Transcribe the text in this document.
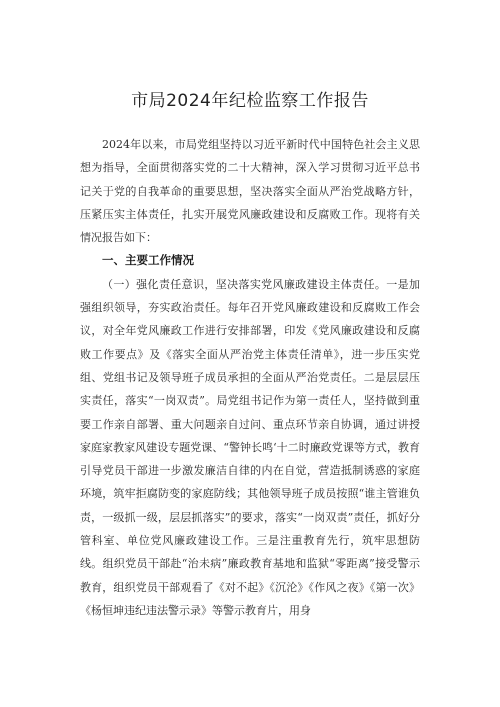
市局2024年纪检监察工作报告

2024年以来，市局党组坚持以习近平新时代中国特色社会主义思想为指导，全面贯彻落实党的二十大精神，深入学习贯彻习近平总书记关于党的自我革命的重要思想，坚决落实全面从严治党战略方针，压紧压实主体责任，扎实开展党风廉政建设和反腐败工作。现将有关情况报告如下：

一、主要工作情况

（一）强化责任意识，坚决落实党风廉政建设主体责任。一是加强组织领导，夯实政治责任。每年召开党风廉政建设和反腐败工作会议，对全年党风廉政工作进行安排部署，印发《党风廉政建设和反腐败工作要点》及《落实全面从严治党主体责任清单》，进一步压实党组、党组书记及领导班子成员承担的全面从严治党责任。二是层层压实责任，落实“一岗双责”。局党组书记作为第一责任人，坚持做到重要工作亲自部署、重大问题亲自过问、重点环节亲自协调，通过讲授家庭家教家风建设专题党课、“警钟长鸣‘十二时廉政党课等方式，教育引导党员干部进一步激发廉洁自律的内在自觉，营造抵制诱惑的家庭环境，筑牢拒腐防变的家庭防线；其他领导班子成员按照“谁主管谁负责，一级抓一级，层层抓落实”的要求，落实“一岗双责”责任，抓好分管科室、单位党风廉政建设工作。三是注重教育先行，筑牢思想防线。组织党员干部赴“治未病”廉政教育基地和监狱“零距离”接受警示教育，组织党员干部观看了《对不起》《沉沦》《作风之夜》《第一次》《杨恒坤违纪违法警示录》等警示教育片，用身
